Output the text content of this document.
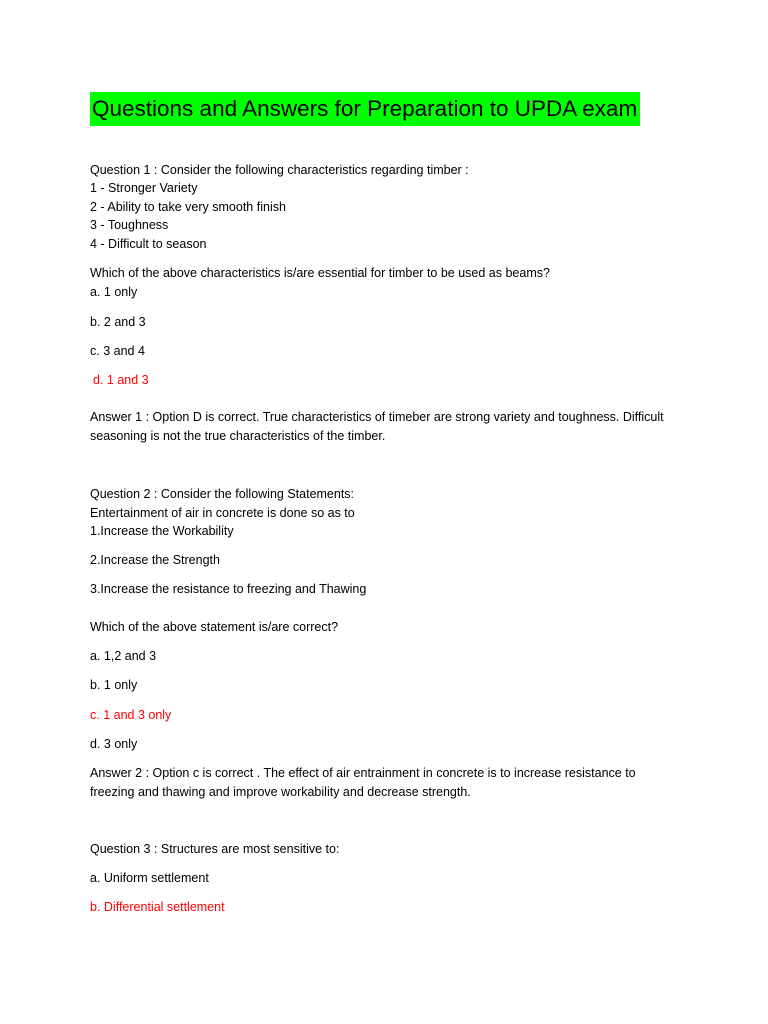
Questions and Answers for Preparation to UPDA exam
Question 1 : Consider the following characteristics regarding timber :
1 - Stronger Variety
2 - Ability to take very smooth finish
3 - Toughness
4 - Difficult to season
Which of the above characteristics is/are essential for timber to be used as beams?
a. 1 only
b. 2 and 3
c. 3 and 4
d. 1 and 3
Answer 1 : Option D is correct. True characteristics of timeber are strong variety and toughness. Difficult
seasoning is not the true characteristics of the timber.
Question 2 : Consider the following Statements:
Entertainment of air in concrete is done so as to
1.Increase the Workability
2.Increase the Strength
3.Increase the resistance to freezing and Thawing
Which of the above statement is/are correct?
a. 1,2 and 3
b. 1 only
c. 1 and 3 only
d. 3 only
Answer 2 : Option c is correct . The effect of air entrainment in concrete is to increase resistance to
freezing and thawing and improve workability and decrease strength.
Question 3 : Structures are most sensitive to:
a. Uniform settlement
b. Differential settlement
